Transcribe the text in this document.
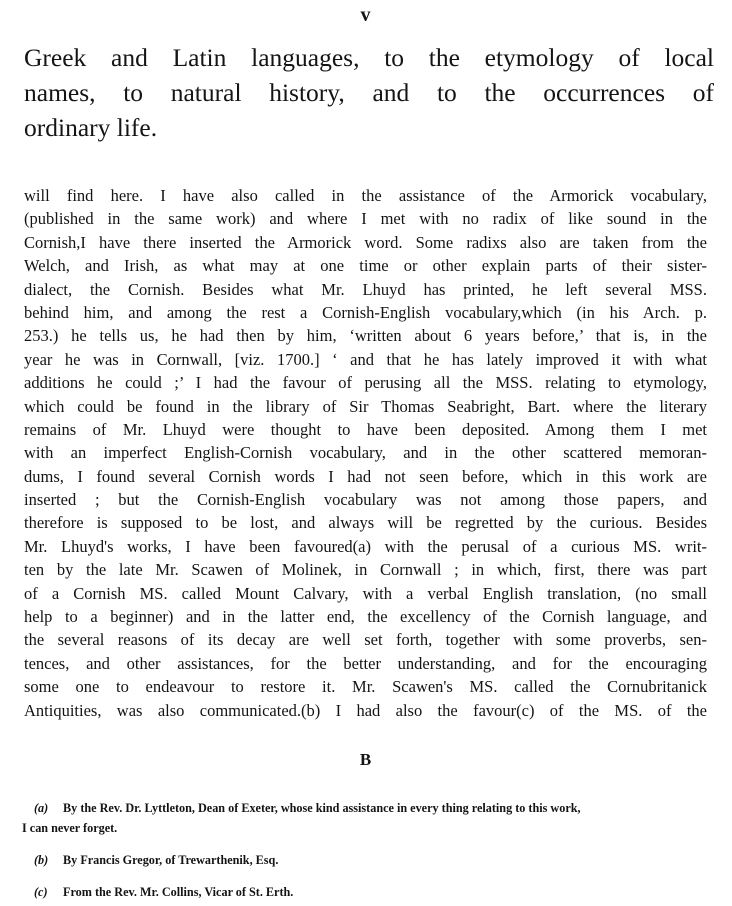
v
Greek and Latin languages, to the etymology of local
names, to natural history, and to the occurrences of
ordinary life.
will find here. I have also called in the assistance of the Armorick vocabulary,
(published in the same work) and where I met with no radix of like sound in the
Cornish,I have there inserted the Armorick word. Some radixs also are taken from the
Welch, and Irish, as what may at one time or other explain parts of their sister-
dialect, the Cornish. Besides what Mr. Lhuyd has printed, he left several MSS.
behind him, and among the rest a Cornish-English vocabulary,which (in his Arch. p.
253.) he tells us, he had then by him, ‘written about 6 years before,’ that is, in the
year he was in Cornwall, [viz. 1700.] ‘ and that he has lately improved it with what
additions he could ;’ I had the favour of perusing all the MSS. relating to etymology,
which could be found in the library of Sir Thomas Seabright, Bart. where the literary
remains of Mr. Lhuyd were thought to have been deposited. Among them I met
with an imperfect English-Cornish vocabulary, and in the other scattered memoran-
dums, I found several Cornish words I had not seen before, which in this work are
inserted ; but the Cornish-English vocabulary was not among those papers, and
therefore is supposed to be lost, and always will be regretted by the curious. Besides
Mr. Lhuyd's works, I have been favoured(a) with the perusal of a curious MS. writ-
ten by the late Mr. Scawen of Molinek, in Cornwall ; in which, first, there was part
of a Cornish MS. called Mount Calvary, with a verbal English translation, (no small
help to a beginner) and in the latter end, the excellency of the Cornish language, and
the several reasons of its decay are well set forth, together with some proverbs, sen-
tences, and other assistances, for the better understanding, and for the encouraging
some one to endeavour to restore it. Mr. Scawen's MS. called the Cornubritanick
Antiquities, was also communicated.(b) I had also the favour(c) of the MS. of the
B
(a) By the Rev. Dr. Lyttleton, Dean of Exeter, whose kind assistance in every thing relating to this work,
I can never forget.
(b) By Francis Gregor, of Trewarthenik, Esq.
(c) From the Rev. Mr. Collins, Vicar of St. Erth.
